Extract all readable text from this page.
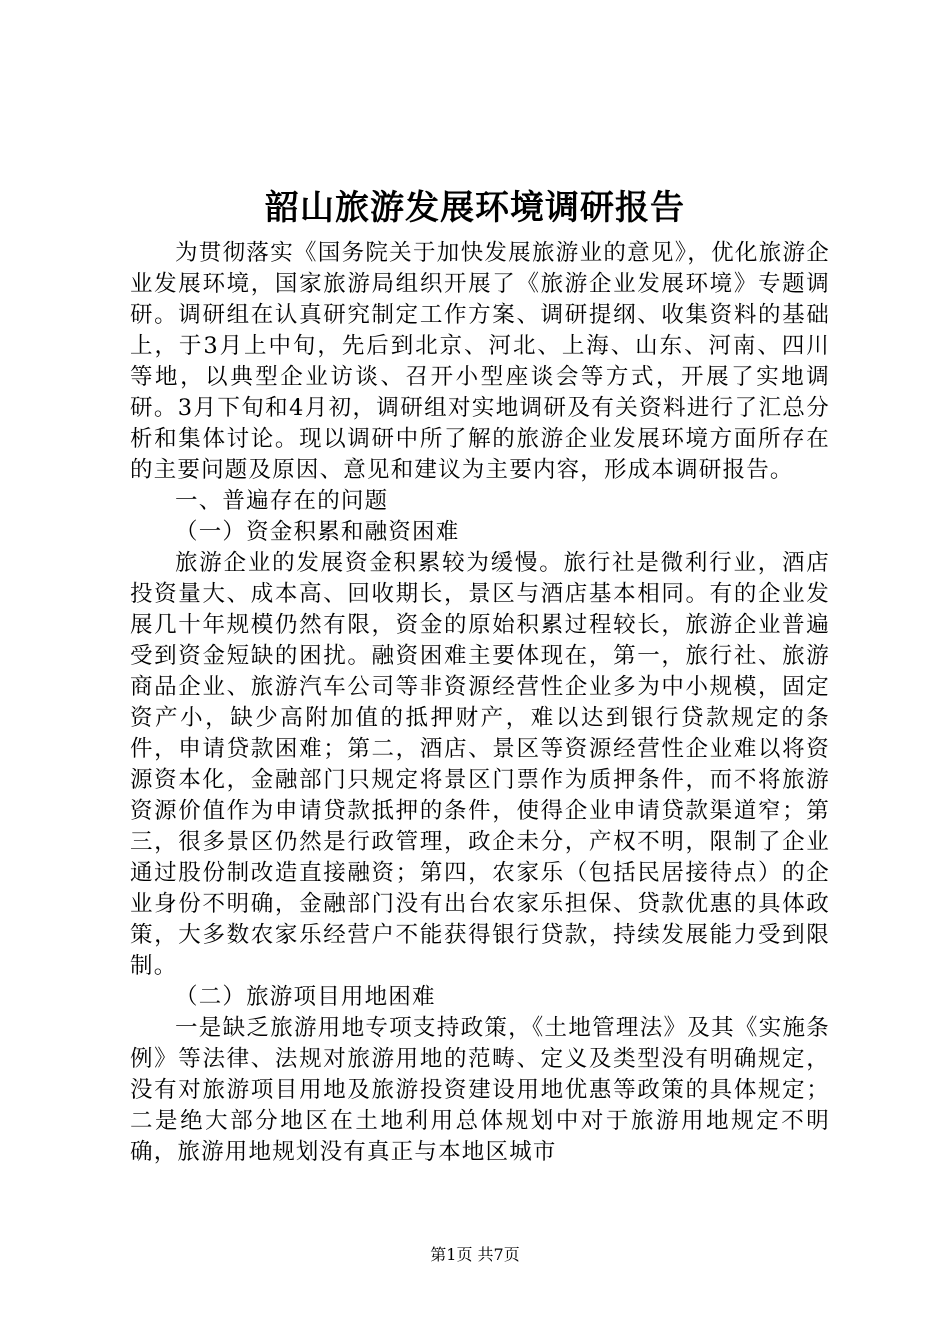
韶山旅游发展环境调研报告

为贯彻落实《国务院关于加快发展旅游业的意见》，优化旅游企业发展环境，国家旅游局组织开展了《旅游企业发展环境》专题调研。调研组在认真研究制定工作方案、调研提纲、收集资料的基础上，于3月上中旬，先后到北京、河北、上海、山东、河南、四川等地，以典型企业访谈、召开小型座谈会等方式，开展了实地调研。3月下旬和4月初，调研组对实地调研及有关资料进行了汇总分析和集体讨论。现以调研中所了解的旅游企业发展环境方面所存在的主要问题及原因、意见和建议为主要内容，形成本调研报告。

一、普遍存在的问题

（一）资金积累和融资困难

旅游企业的发展资金积累较为缓慢。旅行社是微利行业，酒店投资量大、成本高、回收期长，景区与酒店基本相同。有的企业发展几十年规模仍然有限，资金的原始积累过程较长，旅游企业普遍受到资金短缺的困扰。融资困难主要体现在，第一，旅行社、旅游商品企业、旅游汽车公司等非资源经营性企业多为中小规模，固定资产小，缺少高附加值的抵押财产，难以达到银行贷款规定的条件，申请贷款困难；第二，酒店、景区等资源经营性企业难以将资源资本化，金融部门只规定将景区门票作为质押条件，而不将旅游资源价值作为申请贷款抵押的条件，使得企业申请贷款渠道窄；第三，很多景区仍然是行政管理，政企未分，产权不明，限制了企业通过股份制改造直接融资；第四，农家乐（包括民居接待点）的企业身份不明确，金融部门没有出台农家乐担保、贷款优惠的具体政策，大多数农家乐经营户不能获得银行贷款，持续发展能力受到限制。

（二）旅游项目用地困难

一是缺乏旅游用地专项支持政策，《土地管理法》及其《实施条例》等法律、法规对旅游用地的范畴、定义及类型没有明确规定，没有对旅游项目用地及旅游投资建设用地优惠等政策的具体规定；二是绝大部分地区在土地利用总体规划中对于旅游用地规定不明确，旅游用地规划没有真正与本地区城市

第1页 共7页
